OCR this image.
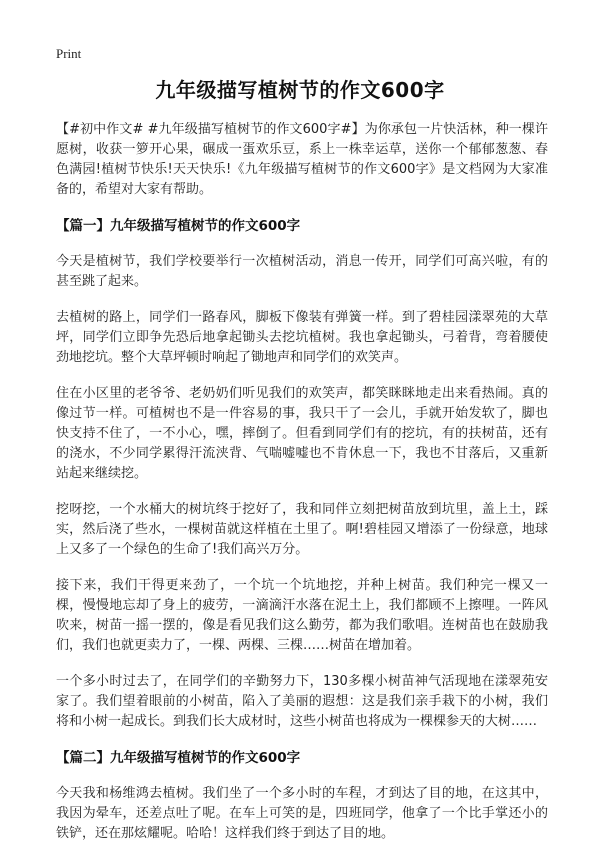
Print
九年级描写植树节的作文600字

【#初中作文# #九年级描写植树节的作文600字#】为你承包一片快活林，种一棵许愿树，收获一箩开心果，碾成一蛋欢乐豆，系上一株幸运草，送你一个郁郁葱葱、春色满园!植树节快乐!天天快乐!《九年级描写植树节的作文600字》是文档网为大家准备的，希望对大家有帮助。

【篇一】九年级描写植树节的作文600字

今天是植树节，我们学校要举行一次植树活动，消息一传开，同学们可高兴啦，有的甚至跳了起来。

去植树的路上，同学们一路春风，脚板下像装有弹簧一样。到了碧桂园漾翠苑的大草坪，同学们立即争先恐后地拿起锄头去挖坑植树。我也拿起锄头，弓着背，弯着腰使劲地挖坑。整个大草坪顿时响起了锄地声和同学们的欢笑声。

住在小区里的老爷爷、老奶奶们听见我们的欢笑声，都笑眯眯地走出来看热闹。真的像过节一样。可植树也不是一件容易的事，我只干了一会儿，手就开始发软了，脚也快支持不住了，一不小心，嘿，摔倒了。但看到同学们有的挖坑，有的扶树苗，还有的浇水，不少同学累得汗流浃背、气喘嘘嘘也不肯休息一下，我也不甘落后，又重新站起来继续挖。

挖呀挖，一个水桶大的树坑终于挖好了，我和同伴立刻把树苗放到坑里，盖上土，踩实，然后浇了些水，一棵树苗就这样植在土里了。啊!碧桂园又增添了一份绿意，地球上又多了一个绿色的生命了!我们高兴万分。

接下来，我们干得更来劲了，一个坑一个坑地挖，并种上树苗。我们种完一棵又一棵，慢慢地忘却了身上的疲劳，一滴滴汗水落在泥土上，我们都顾不上擦哩。一阵风吹来，树苗一摇一摆的，像是看见我们这么勤劳，都为我们歌唱。连树苗也在鼓励我们，我们也就更卖力了，一棵、两棵、三棵……树苗在增加着。

一个多小时过去了，在同学们的辛勤努力下，130多棵小树苗神气活现地在漾翠苑安家了。我们望着眼前的小树苗，陷入了美丽的遐想：这是我们亲手栽下的小树，我们将和小树一起成长。到我们长大成材时，这些小树苗也将成为一棵棵参天的大树……

【篇二】九年级描写植树节的作文600字

今天我和杨维鸿去植树。我们坐了一个多小时的车程，才到达了目的地，在这其中，我因为晕车，还差点吐了呢。在车上可笑的是，四班同学，他拿了一个比手掌还小的铁铲，还在那炫耀呢。哈哈！这样我们终于到达了目的地。
